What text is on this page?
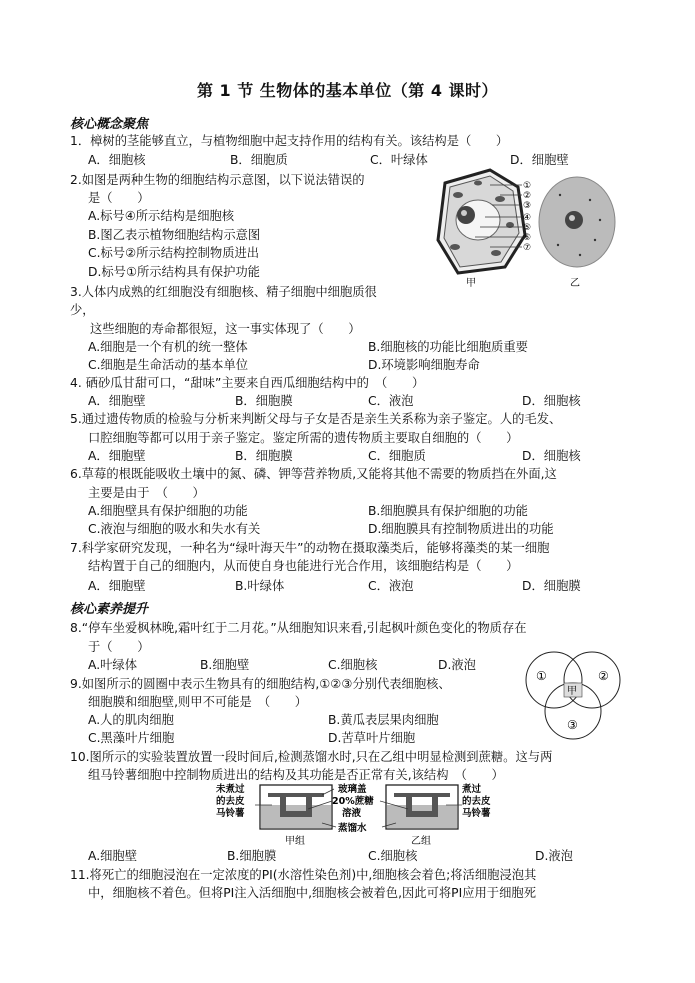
第 1 节 生物体的基本单位（第 4 课时）
核心概念聚焦
1．樟树的茎能够直立，与植物细胞中起支持作用的结构有关。该结构是（　　）
A．细胞核	B．细胞质	C．叶绿体	D．细胞壁
2.如图是两种生物的细胞结构示意图，以下说法错误的
是（　　）
A.标号④所示结构是细胞核
B.图乙表示植物细胞结构示意图
C.标号②所示结构控制物质进出
D.标号①所示结构具有保护功能
①
②
③
④
⑤
⑥
⑦
甲	乙
3.人体内成熟的红细胞没有细胞核、精子细胞中细胞质很
少，
这些细胞的寿命都很短，这一事实体现了（　　）
A.细胞是一个有机的统一整体	B.细胞核的功能比细胞质重要
C.细胞是生命活动的基本单位	D.环境影响细胞寿命
4. 硒砂瓜甘甜可口，“甜味”主要来自西瓜细胞结构中的　（　　）
A．细胞壁	B．细胞膜	C．液泡	D．细胞核
5.通过遗传物质的检验与分析来判断父母与子女是否是亲生关系称为亲子鉴定。人的毛发、
口腔细胞等都可以用于亲子鉴定。鉴定所需的遗传物质主要取自细胞的（　　）
A．细胞壁	B．细胞膜	C．细胞质	D．细胞核
6.草莓的根既能吸收土壤中的氮、磷、钾等营养物质,又能将其他不需要的物质挡在外面,这
主要是由于　（　　）
A.细胞壁具有保护细胞的功能	B.细胞膜具有保护细胞的功能
C.液泡与细胞的吸水和失水有关	D.细胞膜具有控制物质进出的功能
7.科学家研究发现，一种名为“绿叶海天牛”的动物在摄取藻类后，能够将藻类的某一细胞
结构置于自己的细胞内，从而使自身也能进行光合作用，该细胞结构是（　　）
A．细胞壁	B.叶绿体	C．液泡	D．细胞膜
核心素养提升
8.“停车坐爱枫林晚,霜叶红于二月花。”从细胞知识来看,引起枫叶颜色变化的物质存在
于（　　）
A.叶绿体	B.细胞壁	C.细胞核	D.液泡
①	②
③
甲
9.如图所示的圆圈中表示生物具有的细胞结构,①②③分别代表细胞核、
细胞膜和细胞壁,则甲不可能是　（　　）
A.人的肌肉细胞	B.黄瓜表层果肉细胞
C.黑藻叶片细胞	D.苦草叶片细胞
10.图所示的实验装置放置一段时间后,检测蒸馏水时,只在乙组中明显检测到蔗糖。这与两
组马铃薯细胞中控制物质进出的结构及其功能是否正常有关,该结构　（　　）
未煮过
的去皮
马铃薯
煮过
的去皮
马铃薯
玻璃盖
20%蔗糖
溶液
蒸馏水
甲组	乙组
A.细胞壁	B.细胞膜	C.细胞核	D.液泡
11.将死亡的细胞浸泡在一定浓度的PI(水溶性染色剂)中,细胞核会着色;将活细胞浸泡其
中，细胞核不着色。但将PI注入活细胞中,细胞核会被着色,因此可将PI应用于细胞死
